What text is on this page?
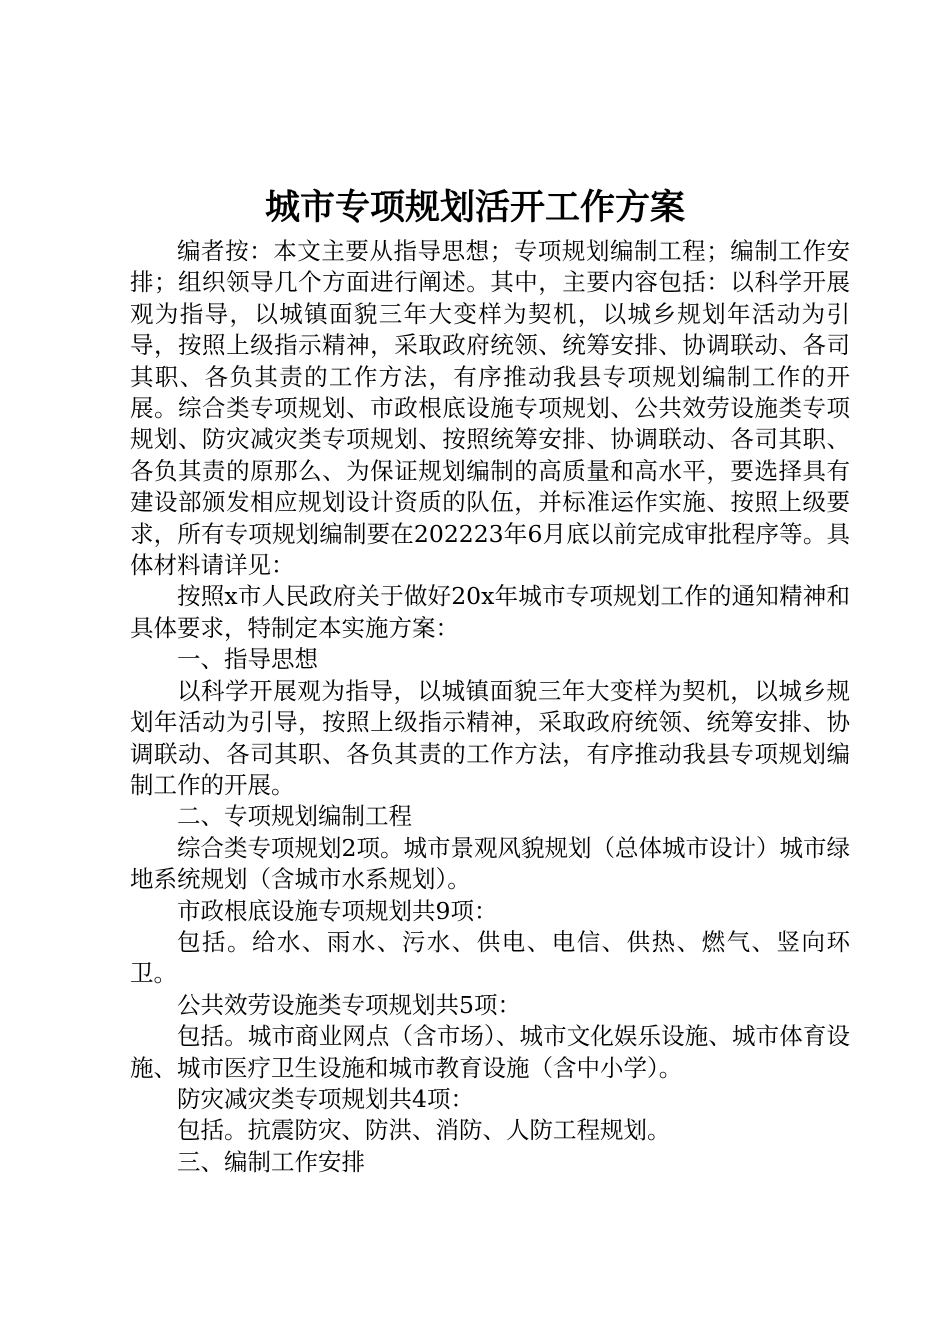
城市专项规划活开工作方案

编者按：本文主要从指导思想；专项规划编制工程；编制工作安排；组织领导几个方面进行阐述。其中，主要内容包括：以科学开展观为指导，以城镇面貌三年大变样为契机，以城乡规划年活动为引导，按照上级指示精神，采取政府统领、统筹安排、协调联动、各司其职、各负其责的工作方法，有序推动我县专项规划编制工作的开展。综合类专项规划、市政根底设施专项规划、公共效劳设施类专项规划、防灾减灾类专项规划、按照统筹安排、协调联动、各司其职、各负其责的原那么、为保证规划编制的高质量和高水平，要选择具有建设部颁发相应规划设计资质的队伍，并标准运作实施、按照上级要求，所有专项规划编制要在202223年6月底以前完成审批程序等。具体材料请详见：

按照x市人民政府关于做好20x年城市专项规划工作的通知精神和具体要求，特制定本实施方案：

一、指导思想

以科学开展观为指导，以城镇面貌三年大变样为契机，以城乡规划年活动为引导，按照上级指示精神，采取政府统领、统筹安排、协调联动、各司其职、各负其责的工作方法，有序推动我县专项规划编制工作的开展。

二、专项规划编制工程

综合类专项规划2项。城市景观风貌规划（总体城市设计）城市绿地系统规划（含城市水系规划）。

市政根底设施专项规划共9项：

包括。给水、雨水、污水、供电、电信、供热、燃气、竖向环卫。

公共效劳设施类专项规划共5项：

包括。城市商业网点（含市场）、城市文化娱乐设施、城市体育设施、城市医疗卫生设施和城市教育设施（含中小学）。

防灾减灾类专项规划共4项：

包括。抗震防灾、防洪、消防、人防工程规划。

三、编制工作安排
